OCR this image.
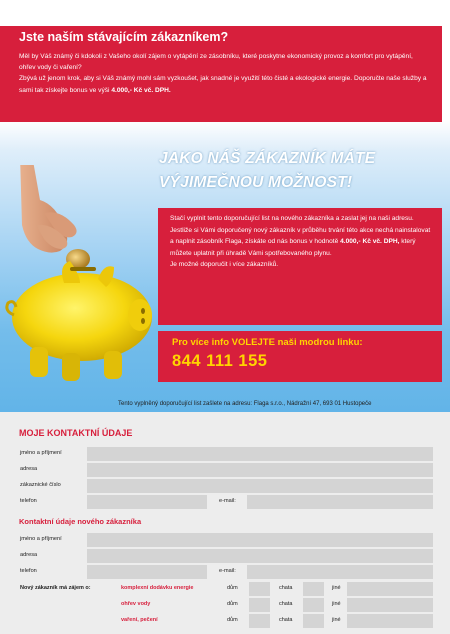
Jste naším stávajícím zákazníkem?
Měl by Váš známý či kdokoli z Vašeho okolí zájem o vytápění ze zásobníku, které poskytne ekonomický provoz a komfort pro vytápění, ohřev vody či vaření?
Zbývá už jenom krok, aby si Váš známý mohl sám vyzkoušet, jak snadné je využití této čisté a ekologické energie. Doporučte naše služby a sami tak získejte bonus ve výši 4.000,- Kč vč. DPH.
JAKO NÁŠ ZÁKAZNÍK MÁTE
VÝJIMEČNOU MOŽNOST!
Stačí vyplnit tento doporučující list na nového zákazníka a zaslat jej na naši adresu. Jestliže si Vámi doporučený nový zákazník v průběhu trvání této akce nechá nainstalovat a naplnit zásobník Flaga, získáte od nás bonus v hodnotě 4.000,- Kč vč. DPH, který můžete uplatnit při úhradě Vámi spotřebovaného plynu.
Je možné doporučit i více zákazníků.
Pro více info VOLEJTE naši modrou linku:
844 111 155
Tento vyplněný doporučující list zašlete na adresu: Flaga s.r.o., Nádražní 47, 693 01 Hustopeče
MOJE KONTAKTNÍ ÚDAJE
jméno a příjmení
adresa
zákaznické číslo
telefon	e-mail:
Kontaktní údaje nového zákazníka
jméno a příjmení
adresa
telefon	e-mail:
Nový zákazník má zájem o:	komplexní dodávku energie	dům	chata	jiné
ohřev vody	dům	chata	jiné
vaření, pečení	dům	chata	jiné
